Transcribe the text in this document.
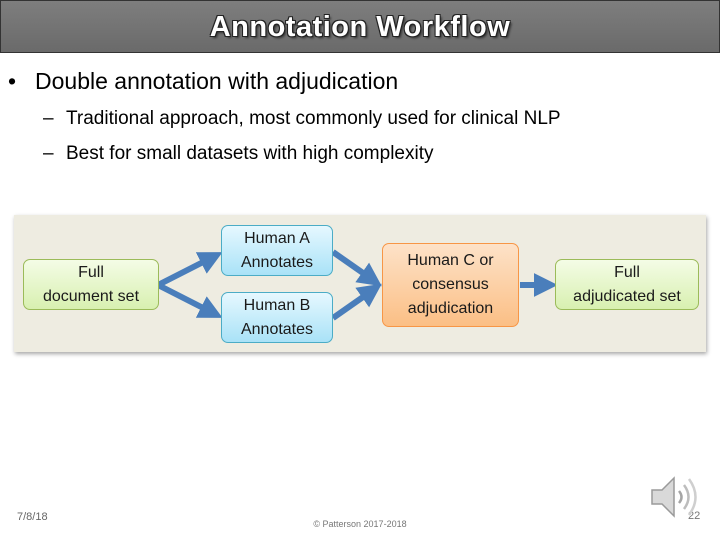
Annotation Workflow
• Double annotation with adjudication
– Traditional approach, most commonly used for clinical NLP
– Best for small datasets with high complexity
Full
document set
Human A
Annotates
Human B
Annotates
Human C or
consensus
adjudication
Full
adjudicated set
7/8/18
© Patterson 2017-2018
22
